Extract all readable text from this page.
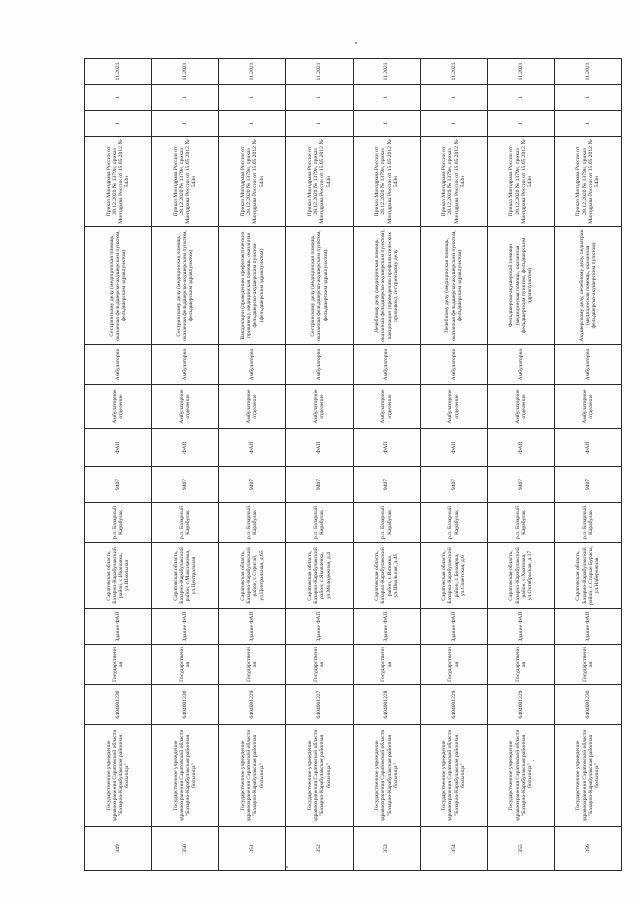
349	Государственное учреждение здравоохранения Саратовской области "Базарно-Карабулакская районная больница"	6404001236	Государственная	Здание ФАП	Саратовская область, Базарно-Карабулакский район, с.Ивановка, ул.Школьная	р.п. Базарный Карабулак	9407	ФАП	Амбулаторное отделение	Амбулаторно	Сестринскому делу (медицинская помощь, оказанная фельдшерско-акушерским пунктом, фельдшерским здравпунктом)	Приказ Минздрава России от 28.12.2020 № 1379н, приказ Минздрава России от 15.05.2012 № 543н	1	1	11.2021
350	Государственное учреждение здравоохранения Саратовской области "Базарно-Карабулакская районная больница"	6404001236	Государственная	Здание ФАП	Саратовская область, Базарно-Карабулакский район, с.Максимовка, ул.Центральная	р.п. Базарный Карабулак	9407	ФАП	Амбулаторное отделение	Амбулаторно	Сестринскому делу (медицинская помощь, оказанная фельдшерско-акушерским пунктом, фельдшерским здравпунктом)	Приказ Минздрава России от 28.12.2020 № 1379н, приказ Минздрава России от 15.05.2012 № 543н	1	1	11.2021
351	Государственное учреждение здравоохранения Саратовской области "Базарно-Карабулакская районная больница"	6404001229	Государственная	Здание ФАП	Саратовская область, Базарно-Карабулакский район, с.Стригай, ул.Центральная, д.65	р.п. Базарный Карабулак	9407	ФАП	Амбулаторное отделение	Амбулаторно	Вакцинации (проведению профилактических прививок), медицинская помощь, оказанная фельдшерско-акушерским пунктом (фельдшерским здравпунктом)	Приказ Минздрава России от 28.12.2020 № 1379н, приказ Минздрава России от 15.05.2012 № 543н	1	1	11.2021
352	Государственное учреждение здравоохранения Саратовской области "Базарно-Карабулакская районная больница"	6404001227	Государственная	Здание ФАП	Саратовская область, Базарно-Карабулакский район, с.Яковлевка, ул.Молодежная, д.4	р.п. Базарный Карабулак	9407	ФАП	Амбулаторное отделение	Амбулаторно	Сестринскому делу (медицинская помощь, оказанная фельдшерско-акушерским пунктом, фельдшерским здравпунктом)	Приказ Минздрава России от 28.12.2020 № 1379н, приказ Минздрава России от 15.05.2012 № 543н	1	1	11.2021
353	Государственное учреждение здравоохранения Саратовской области "Базарно-Карабулакская районная больница"	6404001228	Государственная	Здание ФАП	Саратовская область, Базарно-Карабулакский район, с.Вязовка, ул.Школьная, д.45	р.п. Базарный Карабулак	9407	ФАП	Амбулаторное отделение	Амбулаторно	Лечебному делу (медицинская помощь, оказанная фельдшерско-акушерским пунктом), вакцинации (проведению профилактических прививок), сестринскому делу	Приказ Минздрава России от 28.12.2020 № 1379н, приказ Минздрава России от 15.05.2012 № 543н	1	1	11.2021
354	Государственное учреждение здравоохранения Саратовской области "Базарно-Карабулакская районная больница"	6404001229	Государственная	Здание ФАП	Саратовская область, Базарно-Карабулакский район, с.Белоярка, ул.Советская, д.6	р.п. Базарный Карабулак	9407	ФАП	Амбулаторное отделение	Амбулаторно	Лечебному делу (медицинская помощь, оказанная фельдшерско-акушерским пунктом, фельдшерским здравпунктом)	Приказ Минздрава России от 28.12.2020 № 1379н, приказ Минздрава России от 15.05.2012 № 543н	1	1	11.2021
355	Государственное учреждение здравоохранения Саратовской области "Базарно-Карабулакская районная больница"	6404001229	Государственная	Здание ФАП	Саратовская область, Базарно-Карабулакский район, с.Хватовка, ул.Октябрьская, д.17	р.п. Базарный Карабулак	9407	ФАП	Амбулаторное отделение	Амбулаторно	Фельдшерско-акушерской помощи (медицинская помощь, оказанная фельдшерским пунктом, фельдшерским здравпунктом)	Приказ Минздрава России от 28.12.2020 № 1379н, приказ Минздрава России от 15.05.2012 № 543н	1	1	11.2021
356	Государственное учреждение здравоохранения Саратовской области "Базарно-Карабулакская районная больница"	6404001230	Государственная	Здание ФАП	Саратовская область, Базарно-Карабулакский район, с.Старые Бурасы, ул.Набережная	р.п. Базарный Карабулак	9407	ФАП	Амбулаторное отделение	Амбулаторно	Акушерскому делу, лечебному делу, педиатрии (медицинская помощь, оказанная фельдшерско-акушерским пунктом)	Приказ Минздрава России от 28.12.2020 № 1379н, приказ Минздрава России от 15.05.2012 № 543н	1	1	11.2021
